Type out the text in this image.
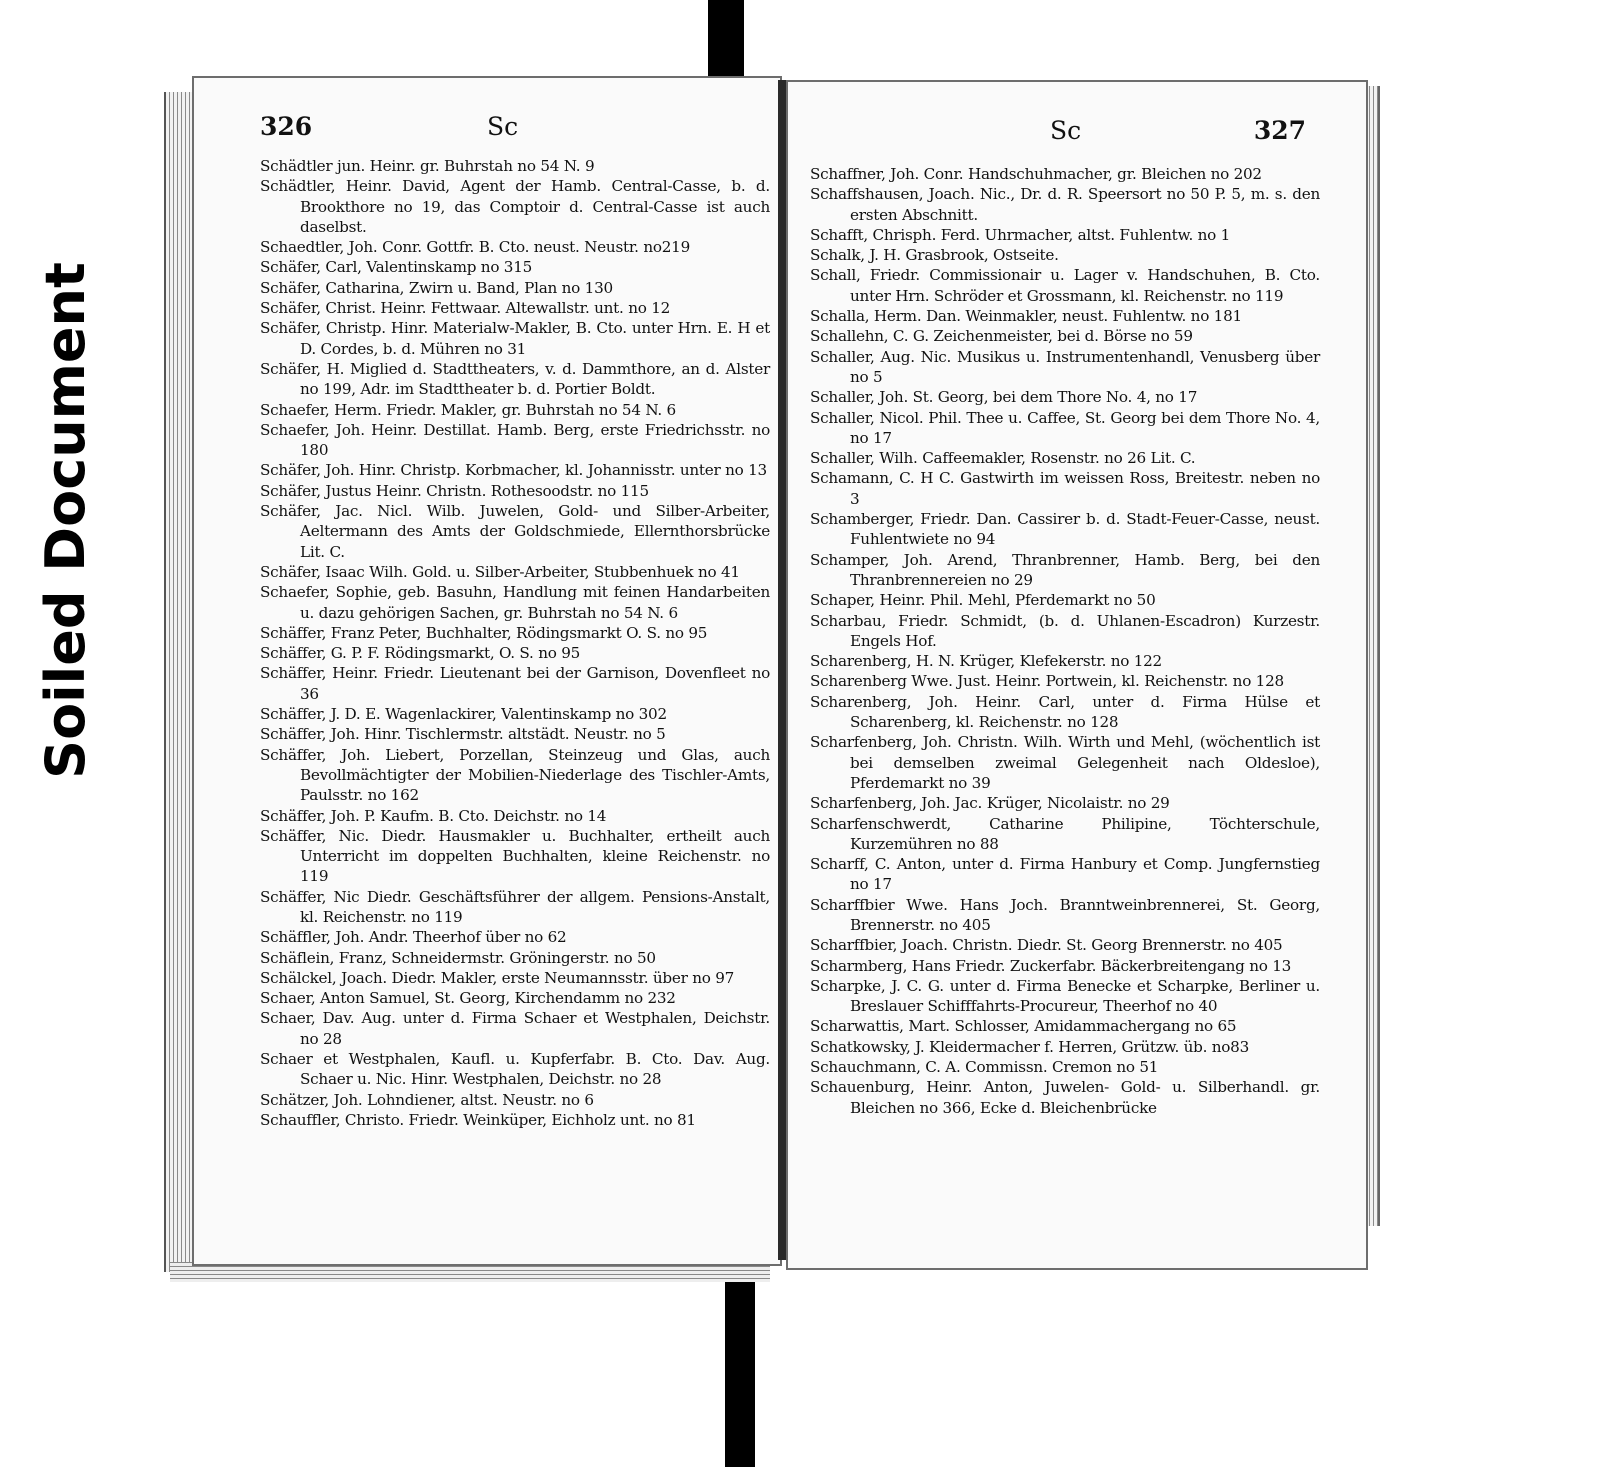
Soiled Document
326	Sc
Schädtler jun. Heinr. gr. Buhrstah no 54 N. 9
Schädtler, Heinr. David, Agent der Hamb. Central-Casse, b. d. Brookthore no 19, das Comptoir d. Central-Casse ist auch daselbst.
Schaedtler, Joh. Conr. Gottfr. B. Cto. neust. Neustr. no219
Schäfer, Carl, Valentinskamp no 315
Schäfer, Catharina, Zwirn u. Band, Plan no 130
Schäfer, Christ. Heinr. Fettwaar. Altewallstr. unt. no 12
Schäfer, Christp. Hinr. Materialw-Makler, B. Cto. unter Hrn. E. H et D. Cordes, b. d. Mühren no 31
Schäfer, H. Miglied d. Stadttheaters, v. d. Dammthore, an d. Alster no 199, Adr. im Stadttheater b. d. Portier Boldt.
Schaefer, Herm. Friedr. Makler, gr. Buhrstah no 54 N. 6
Schaefer, Joh. Heinr. Destillat. Hamb. Berg, erste Friedrichsstr. no 180
Schäfer, Joh. Hinr. Christp. Korbmacher, kl. Johannisstr. unter no 13
Schäfer, Justus Heinr. Christn. Rothesoodstr. no 115
Schäfer, Jac. Nicl. Wilb. Juwelen, Gold- und Silber-Arbeiter, Aeltermann des Amts der Goldschmiede, Ellernthorsbrücke Lit. C.
Schäfer, Isaac Wilh. Gold. u. Silber-Arbeiter, Stubbenhuek no 41
Schaefer, Sophie, geb. Basuhn, Handlung mit feinen Handarbeiten u. dazu gehörigen Sachen, gr. Buhrstah no 54 N. 6
Schäffer, Franz Peter, Buchhalter, Rödingsmarkt O. S. no 95
Schäffer, G. P. F. Rödingsmarkt, O. S. no 95
Schäffer, Heinr. Friedr. Lieutenant bei der Garnison, Dovenfleet no 36
Schäffer, J. D. E. Wagenlackirer, Valentinskamp no 302
Schäffer, Joh. Hinr. Tischlermstr. altstädt. Neustr. no 5
Schäffer, Joh. Liebert, Porzellan, Steinzeug und Glas, auch Bevollmächtigter der Mobilien-Niederlage des Tischler-Amts, Paulsstr. no 162
Schäffer, Joh. P. Kaufm. B. Cto. Deichstr. no 14
Schäffer, Nic. Diedr. Hausmakler u. Buchhalter, ertheilt auch Unterricht im doppelten Buchhalten, kleine Reichenstr. no 119
Schäffer, Nic Diedr. Geschäftsführer der allgem. Pensions-Anstalt, kl. Reichenstr. no 119
Schäffler, Joh. Andr. Theerhof über no 62
Schäflein, Franz, Schneidermstr. Gröningerstr. no 50
Schälckel, Joach. Diedr. Makler, erste Neumannsstr. über no 97
Schaer, Anton Samuel, St. Georg, Kirchendamm no 232
Schaer, Dav. Aug. unter d. Firma Schaer et Westphalen, Deichstr. no 28
Schaer et Westphalen, Kaufl. u. Kupferfabr. B. Cto. Dav. Aug. Schaer u. Nic. Hinr. Westphalen, Deichstr. no 28
Schätzer, Joh. Lohndiener, altst. Neustr. no 6
Schauffler, Christo. Friedr. Weinküper, Eichholz unt. no 81
Sc	327
Schaffner, Joh. Conr. Handschuhmacher, gr. Bleichen no 202
Schaffshausen, Joach. Nic., Dr. d. R. Speersort no 50 P. 5, m. s. den ersten Abschnitt.
Schafft, Chrisph. Ferd. Uhrmacher, altst. Fuhlentw. no 1
Schalk, J. H. Grasbrook, Ostseite.
Schall, Friedr. Commissionair u. Lager v. Handschuhen, B. Cto. unter Hrn. Schröder et Grossmann, kl. Reichenstr. no 119
Schalla, Herm. Dan. Weinmakler, neust. Fuhlentw. no 181
Schallehn, C. G. Zeichenmeister, bei d. Börse no 59
Schaller, Aug. Nic. Musikus u. Instrumentenhandl, Venusberg über no 5
Schaller, Joh. St. Georg, bei dem Thore No. 4, no 17
Schaller, Nicol. Phil. Thee u. Caffee, St. Georg bei dem Thore No. 4, no 17
Schaller, Wilh. Caffeemakler, Rosenstr. no 26 Lit. C.
Schamann, C. H C. Gastwirth im weissen Ross, Breitestr. neben no 3
Schamberger, Friedr. Dan. Cassirer b. d. Stadt-Feuer-Casse, neust. Fuhlentwiete no 94
Schamper, Joh. Arend, Thranbrenner, Hamb. Berg, bei den Thranbrennereien no 29
Schaper, Heinr. Phil. Mehl, Pferdemarkt no 50
Scharbau, Friedr. Schmidt, (b. d. Uhlanen-Escadron) Kurzestr. Engels Hof.
Scharenberg, H. N. Krüger, Klefekerstr. no 122
Scharenberg Wwe. Just. Heinr. Portwein, kl. Reichenstr. no 128
Scharenberg, Joh. Heinr. Carl, unter d. Firma Hülse et Scharenberg, kl. Reichenstr. no 128
Scharfenberg, Joh. Christn. Wilh. Wirth und Mehl, (wöchentlich ist bei demselben zweimal Gelegenheit nach Oldesloe), Pferdemarkt no 39
Scharfenberg, Joh. Jac. Krüger, Nicolaistr. no 29
Scharfenschwerdt, Catharine Philipine, Töchterschule, Kurzemühren no 88
Scharff, C. Anton, unter d. Firma Hanbury et Comp. Jungfernstieg no 17
Scharffbier Wwe. Hans Joch. Branntweinbrennerei, St. Georg, Brennerstr. no 405
Scharffbier, Joach. Christn. Diedr. St. Georg Brennerstr. no 405
Scharmberg, Hans Friedr. Zuckerfabr. Bäckerbreitengang no 13
Scharpke, J. C. G. unter d. Firma Benecke et Scharpke, Berliner u. Breslauer Schifffahrts-Procureur, Theerhof no 40
Scharwattis, Mart. Schlosser, Amidammachergang no 65
Schatkowsky, J. Kleidermacher f. Herren, Grützw. üb. no83
Schauchmann, C. A. Commissn. Cremon no 51
Schauenburg, Heinr. Anton, Juwelen- Gold- u. Silberhandl. gr. Bleichen no 366, Ecke d. Bleichenbrücke
